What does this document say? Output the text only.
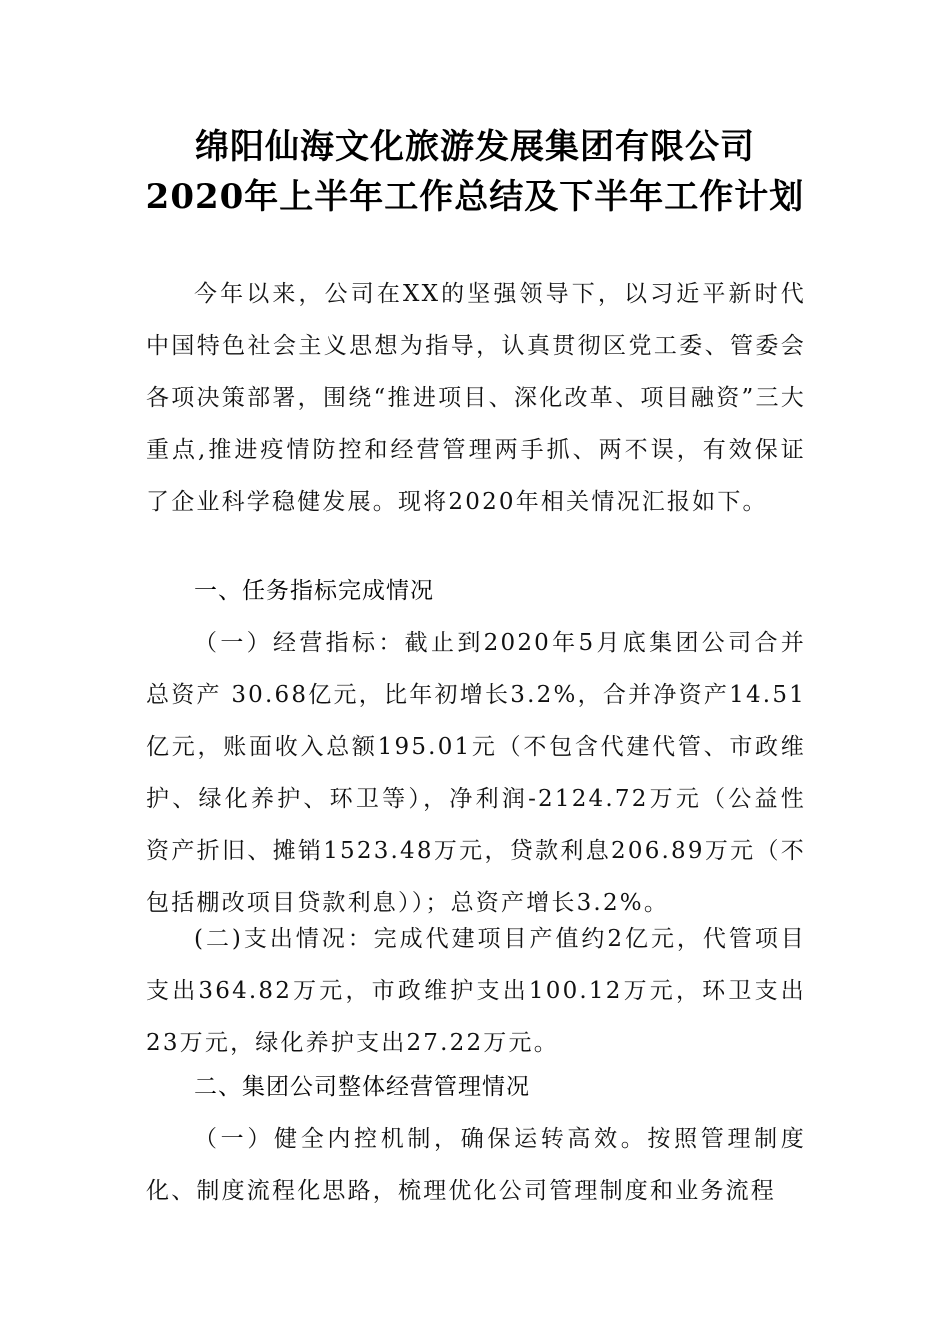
绵阳仙海文化旅游发展集团有限公司
2020年上半年工作总结及下半年工作计划

今年以来，公司在XX的坚强领导下，以习近平新时代中国特色社会主义思想为指导，认真贯彻区党工委、管委会各项决策部署，围绕“推进项目、深化改革、项目融资”三大重点,推进疫情防控和经营管理两手抓、两不误，有效保证了企业科学稳健发展。现将2020年相关情况汇报如下。

一、任务指标完成情况

（一）经营指标：截止到2020年5月底集团公司合并总资产 30.68亿元，比年初增长3.2%，合并净资产14.51亿元，账面收入总额195.01元（不包含代建代管、市政维护、绿化养护、环卫等），净利润-2124.72万元（公益性资产折旧、摊销1523.48万元，贷款利息206.89万元（不包括棚改项目贷款利息））；总资产增长3.2%。

(二)支出情况：完成代建项目产值约2亿元，代管项目支出364.82万元，市政维护支出100.12万元，环卫支出23万元，绿化养护支出27.22万元。

二、集团公司整体经营管理情况

（一）健全内控机制，确保运转高效。按照管理制度化、制度流程化思路，梳理优化公司管理制度和业务流程
